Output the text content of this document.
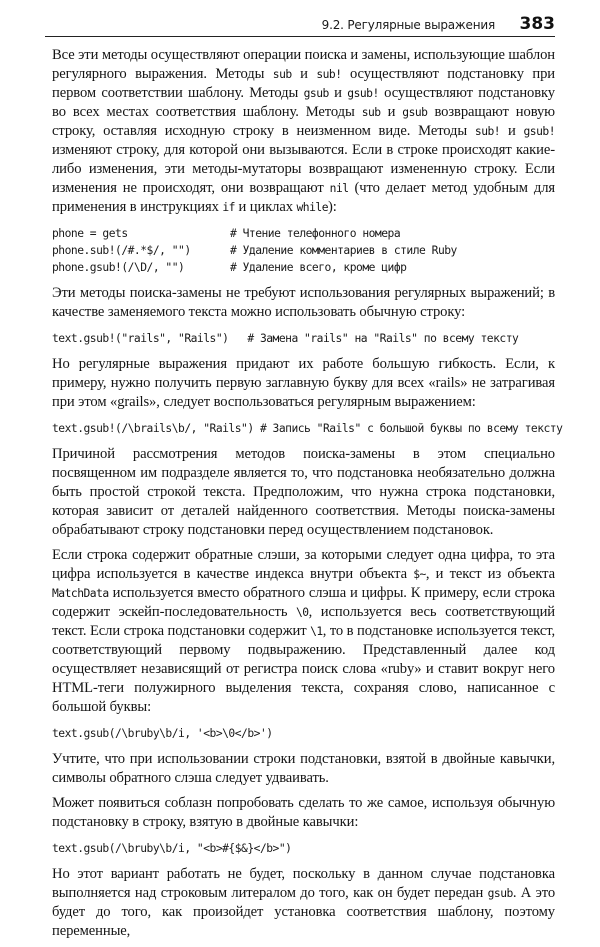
9.2. Регулярные выражения 383

Все эти методы осуществляют операции поиска и замены, использующие шаблон регулярного выражения. Методы sub и sub! осуществляют подстановку при первом соответствии шаблону. Методы gsub и gsub! осуществляют подстановку во всех местах соответствия шаблону. Методы sub и gsub возвращают новую строку, оставляя исходную строку в неизменном виде. Методы sub! и gsub! изменяют строку, для которой они вызываются. Если в строке происходят какие-либо изменения, эти методы-мутаторы возвращают измененную строку. Если изменения не происходят, они возвращают nil (что делает метод удобным для применения в инструкциях if и циклах while):

phone = gets	# Чтение телефонного номера
phone.sub!(/#.*$/, "")	# Удаление комментариев в стиле Ruby
phone.gsub!(/\D/, "")	# Удаление всего, кроме цифр

Эти методы поиска-замены не требуют использования регулярных выражений; в качестве заменяемого текста можно использовать обычную строку:

text.gsub!("rails", "Rails")   # Замена "rails" на "Rails" по всему тексту

Но регулярные выражения придают их работе большую гибкость. Если, к примеру, нужно получить первую заглавную букву для всех «rails» не затрагивая при этом «grails», следует воспользоваться регулярным выражением:

text.gsub!(/\brails\b/, "Rails") # Запись "Rails" с большой буквы по всему тексту

Причиной рассмотрения методов поиска-замены в этом специально посвященном им подразделе является то, что подстановка необязательно должна быть простой строкой текста. Предположим, что нужна строка подстановки, которая зависит от деталей найденного соответствия. Методы поиска-замены обрабатывают строку подстановки перед осуществлением подстановок.

Если строка содержит обратные слэши, за которыми следует одна цифра, то эта цифра используется в качестве индекса внутри объекта $~, и текст из объекта MatchData используется вместо обратного слэша и цифры. К примеру, если строка содержит эскейп-последовательность \0, используется весь соответствующий текст. Если строка подстановки содержит \1, то в подстановке используется текст, соответствующий первому подвыражению. Представленный далее код осуществляет независящий от регистра поиск слова «ruby» и ставит вокруг него HTML-теги полужирного выделения текста, сохраняя слово, написанное с большой буквы:

text.gsub(/\bruby\b/i, '<b>\0</b>')

Учтите, что при использовании строки подстановки, взятой в двойные кавычки, символы обратного слэша следует удваивать.

Может появиться соблазн попробовать сделать то же самое, используя обычную подстановку в строку, взятую в двойные кавычки:

text.gsub(/\bruby\b/i, "<b>#{$&}</b>")

Но этот вариант работать не будет, поскольку в данном случае подстановка выполняется над строковым литералом до того, как он будет передан gsub. А это будет до того, как произойдет установка соответствия шаблону, поэтому переменные,
